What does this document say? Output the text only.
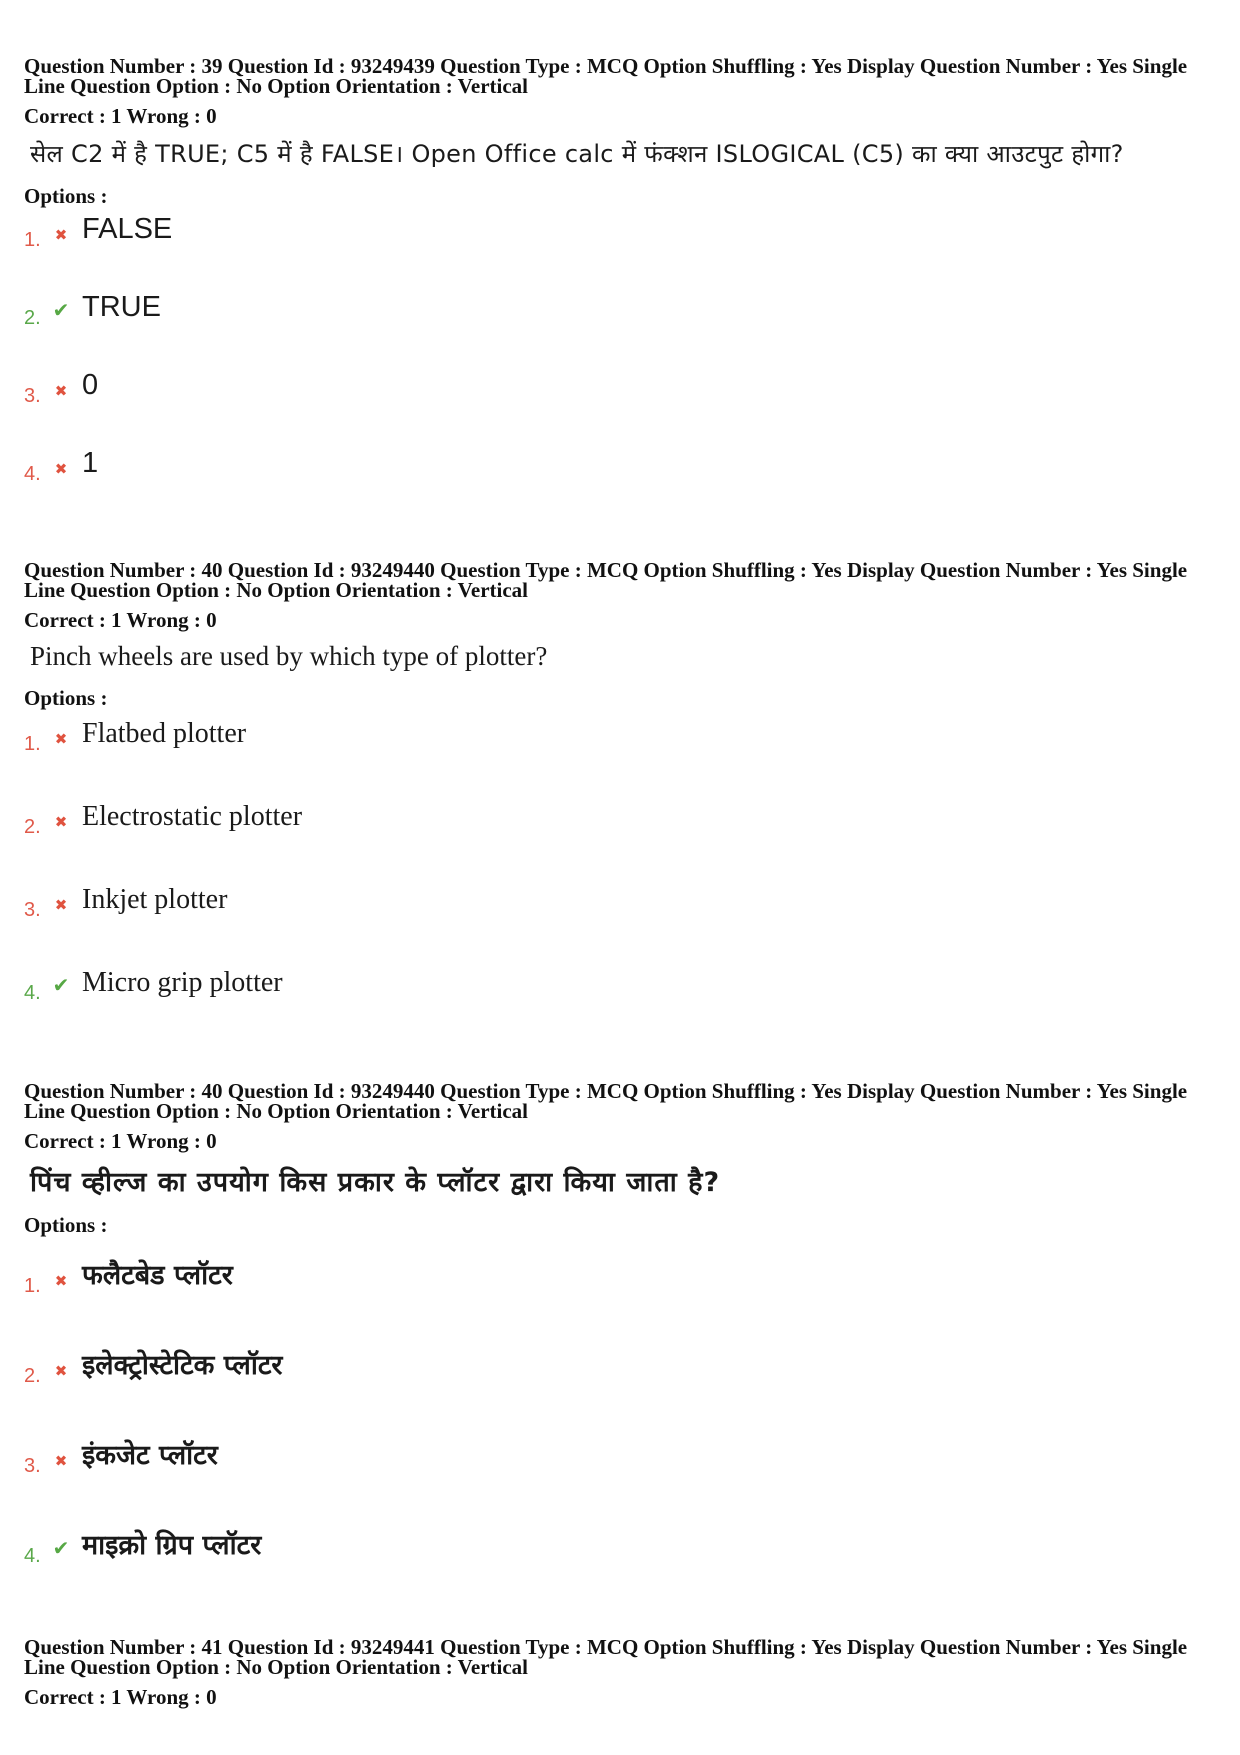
Question Number : 39 Question Id : 93249439 Question Type : MCQ Option Shuffling : Yes Display Question Number : Yes Single
Line Question Option : No Option Orientation : Vertical
Correct : 1 Wrong : 0
सेल C2 में है TRUE; C5 में है FALSE। Open Office calc में फंक्शन ISLOGICAL (C5) का क्या आउटपुट होगा?
Options :
1. ✖ FALSE
2. ✔ TRUE
3. ✖ 0
4. ✖ 1
Question Number : 40 Question Id : 93249440 Question Type : MCQ Option Shuffling : Yes Display Question Number : Yes Single
Line Question Option : No Option Orientation : Vertical
Correct : 1 Wrong : 0
Pinch wheels are used by which type of plotter?
Options :
1. ✖ Flatbed plotter
2. ✖ Electrostatic plotter
3. ✖ Inkjet plotter
4. ✔ Micro grip plotter
Question Number : 40 Question Id : 93249440 Question Type : MCQ Option Shuffling : Yes Display Question Number : Yes Single
Line Question Option : No Option Orientation : Vertical
Correct : 1 Wrong : 0
पिंच व्हील्ज का उपयोग किस प्रकार के प्लॉटर द्वारा किया जाता है?
Options :
1. ✖ फलैटबेड प्लॉटर
2. ✖ इलेक्ट्रोस्टेटिक प्लॉटर
3. ✖ इंकजेट प्लॉटर
4. ✔ माइक्रो ग्रिप प्लॉटर
Question Number : 41 Question Id : 93249441 Question Type : MCQ Option Shuffling : Yes Display Question Number : Yes Single
Line Question Option : No Option Orientation : Vertical
Correct : 1 Wrong : 0
